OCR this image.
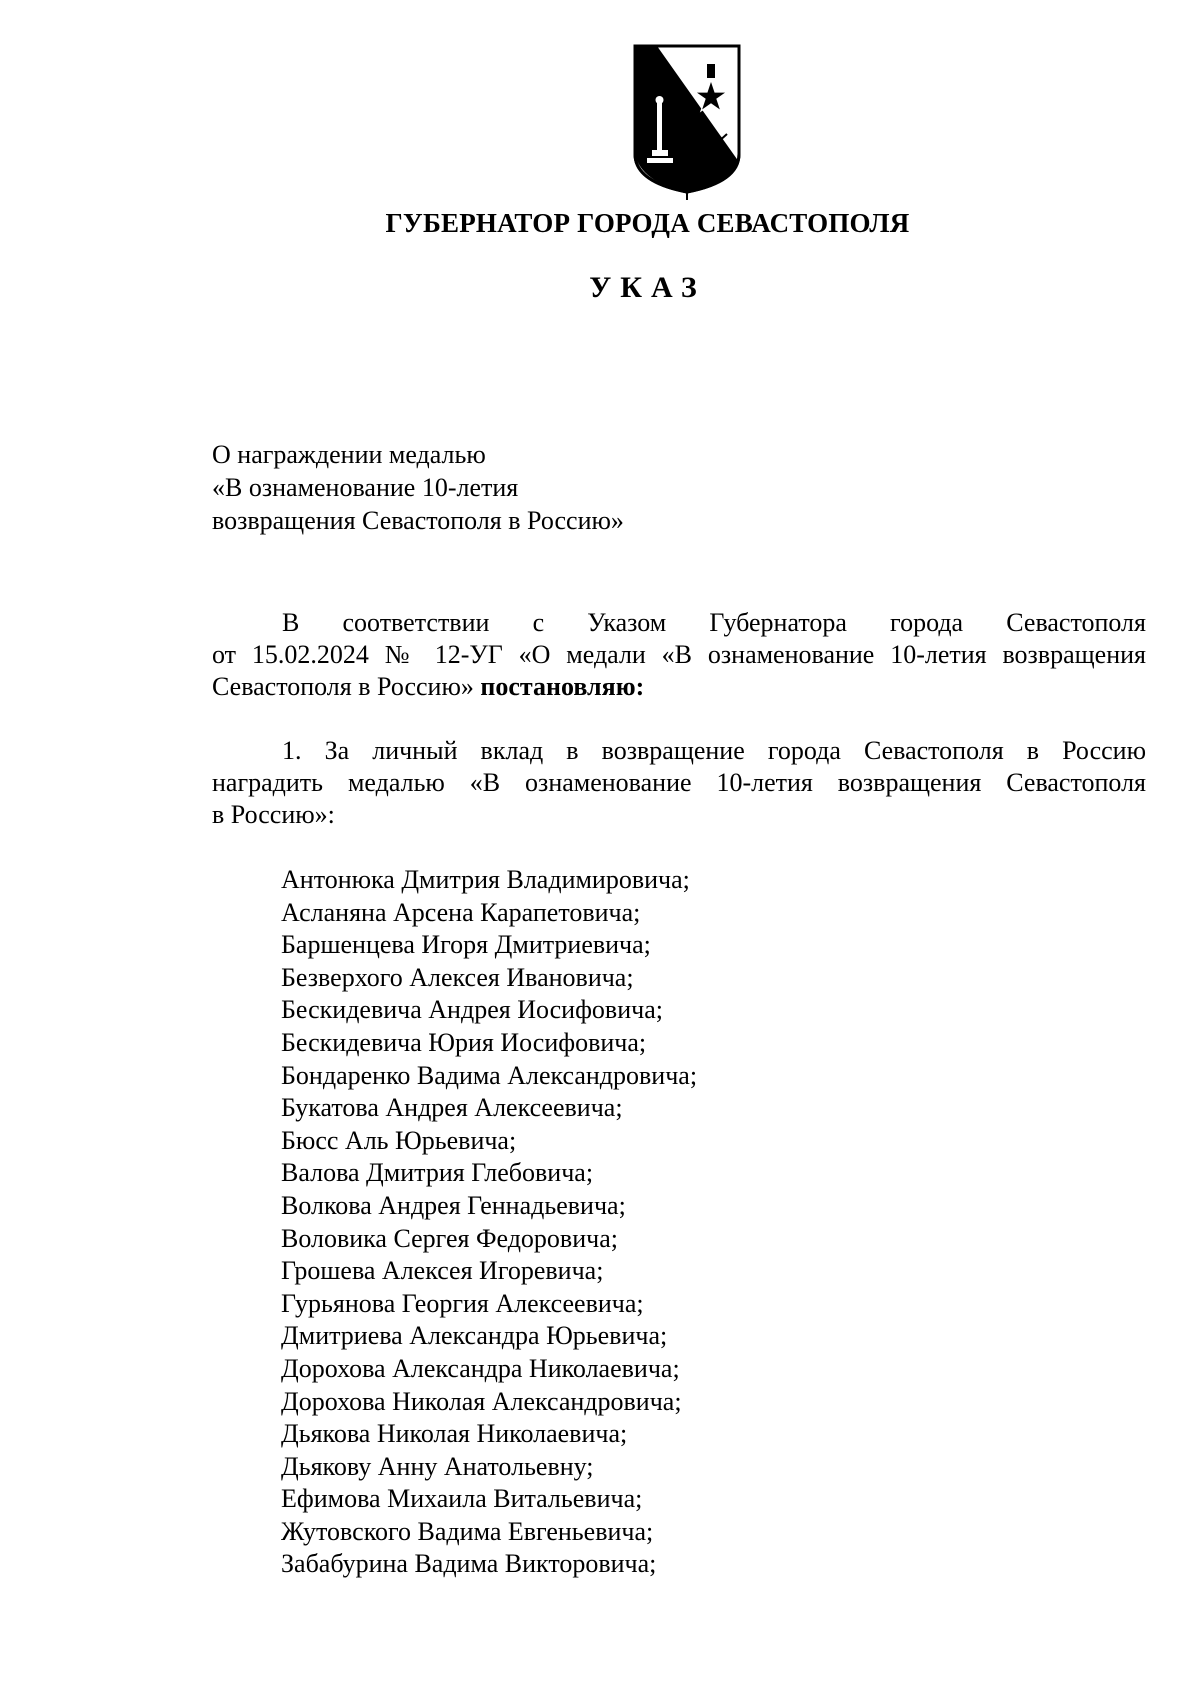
ГУБЕРНАТОР ГОРОДА СЕВАСТОПОЛЯ
УКАЗ
О награждении медалью
«В ознаменование 10-летия
возвращения Севастополя в Россию»
В соответствии с Указом Губернатора города Севастополя
от 15.02.2024 № 12-УГ «О медали «В ознаменование 10-летия возвращения
Севастополя в Россию» постановляю:
1. За личный вклад в возвращение города Севастополя в Россию
наградить медалью «В ознаменование 10-летия возвращения Севастополя
в Россию»:
Антонюка Дмитрия Владимировича;
Асланяна Арсена Карапетовича;
Баршенцева Игоря Дмитриевича;
Безверхого Алексея Ивановича;
Бескидевича Андрея Иосифовича;
Бескидевича Юрия Иосифовича;
Бондаренко Вадима Александровича;
Букатова Андрея Алексеевича;
Бюсс Аль Юрьевича;
Валова Дмитрия Глебовича;
Волкова Андрея Геннадьевича;
Воловика Сергея Федоровича;
Грошева Алексея Игоревича;
Гурьянова Георгия Алексеевича;
Дмитриева Александра Юрьевича;
Дорохова Александра Николаевича;
Дорохова Николая Александровича;
Дьякова Николая Николаевича;
Дьякову Анну Анатольевну;
Ефимова Михаила Витальевича;
Жутовского Вадима Евгеньевича;
Забабурина Вадима Викторовича;
